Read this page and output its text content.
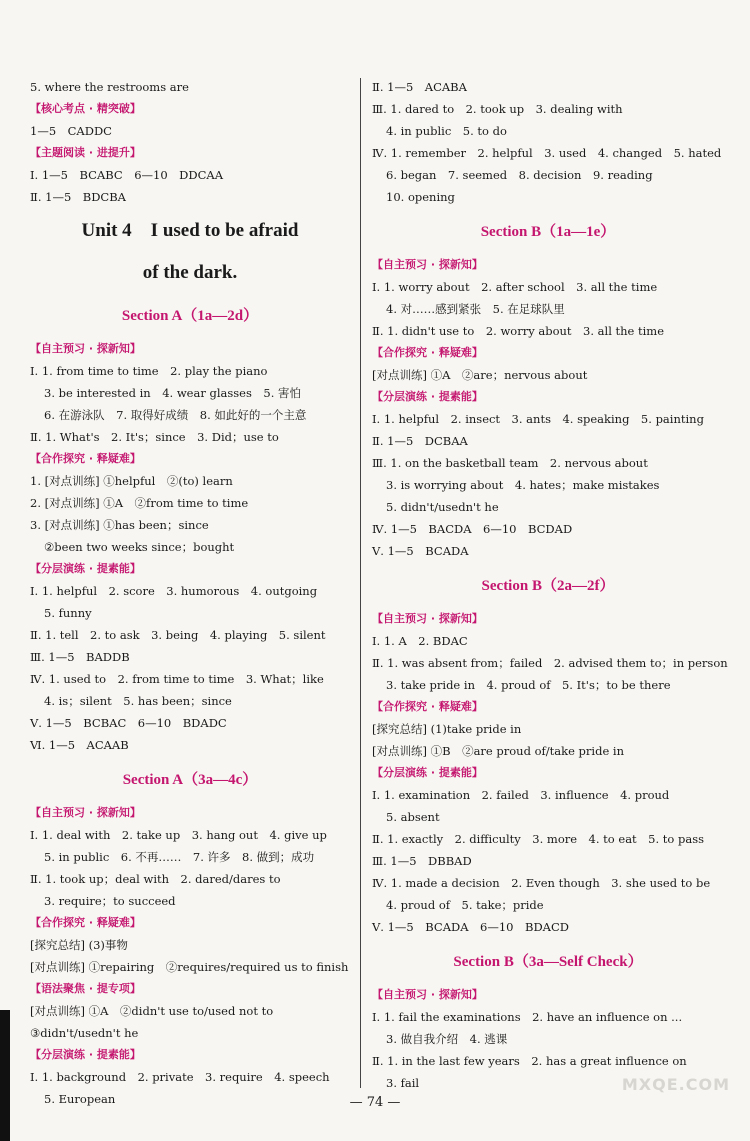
5. where the restrooms are
【核心考点 · 精突破】
1—5　CADDC
【主题阅读 · 进提升】
Ⅰ. 1—5　BCABC　6—10　DDCAA
Ⅱ. 1—5　BDCBA
Unit 4　I used to be afraid
of the dark.
Section A（1a—2d）
【自主预习 · 探新知】
Ⅰ. 1. from time to time　2. play the piano
3. be interested in　4. wear glasses　5. 害怕
6. 在游泳队　7. 取得好成绩　8. 如此好的一个主意
Ⅱ. 1. What's　2. It's；since　3. Did；use to
【合作探究 · 释疑难】
1. [对点训练] ①helpful　②(to) learn
2. [对点训练] ①A　②from time to time
3. [对点训练] ①has been；since
②been two weeks since；bought
【分层演练 · 提素能】
Ⅰ. 1. helpful　2. score　3. humorous　4. outgoing
5. funny
Ⅱ. 1. tell　2. to ask　3. being　4. playing　5. silent
Ⅲ. 1—5　BADDB
Ⅳ. 1. used to　2. from time to time　3. What；like
4. is；silent　5. has been；since
Ⅴ. 1—5　BCBAC　6—10　BDADC
Ⅵ. 1—5　ACAAB
Section A（3a—4c）
【自主预习 · 探新知】
Ⅰ. 1. deal with　2. take up　3. hang out　4. give up
5. in public　6. 不再……　7. 许多　8. 做到；成功
Ⅱ. 1. took up；deal with　2. dared/dares to
3. require；to succeed
【合作探究 · 释疑难】
[探究总结] (3)事物
[对点训练] ①repairing　②requires/required us to finish
【语法聚焦 · 提专项】
[对点训练] ①A　②didn't use to/used not to
③didn't/usedn't he
【分层演练 · 提素能】
Ⅰ. 1. background　2. private　3. require　4. speech
5. European
Ⅱ. 1—5　ACABA
Ⅲ. 1. dared to　2. took up　3. dealing with
4. in public　5. to do
Ⅳ. 1. remember　2. helpful　3. used　4. changed　5. hated
6. began　7. seemed　8. decision　9. reading
10. opening
Section B（1a—1e）
【自主预习 · 探新知】
Ⅰ. 1. worry about　2. after school　3. all the time
4. 对……感到紧张　5. 在足球队里
Ⅱ. 1. didn't use to　2. worry about　3. all the time
【合作探究 · 释疑难】
[对点训练] ①A　②are；nervous about
【分层演练 · 提素能】
Ⅰ. 1. helpful　2. insect　3. ants　4. speaking　5. painting
Ⅱ. 1—5　DCBAA
Ⅲ. 1. on the basketball team　2. nervous about
3. is worrying about　4. hates；make mistakes
5. didn't/usedn't he
Ⅳ. 1—5　BACDA　6—10　BCDAD
Ⅴ. 1—5　BCADA
Section B（2a—2f）
【自主预习 · 探新知】
Ⅰ. 1. A　2. BDAC
Ⅱ. 1. was absent from；failed　2. advised them to；in person
3. take pride in　4. proud of　5. It's；to be there
【合作探究 · 释疑难】
[探究总结] (1)take pride in
[对点训练] ①B　②are proud of/take pride in
【分层演练 · 提素能】
Ⅰ. 1. examination　2. failed　3. influence　4. proud
5. absent
Ⅱ. 1. exactly　2. difficulty　3. more　4. to eat　5. to pass
Ⅲ. 1—5　DBBAD
Ⅳ. 1. made a decision　2. Even though　3. she used to be
4. proud of　5. take；pride
Ⅴ. 1—5　BCADA　6—10　BDACD
Section B（3a—Self Check）
【自主预习 · 探新知】
Ⅰ. 1. fail the examinations　2. have an influence on ...
3. 做自我介绍　4. 逃课
Ⅱ. 1. in the last few years　2. has a great influence on
3. fail
— 74 —
MXQE.COM
